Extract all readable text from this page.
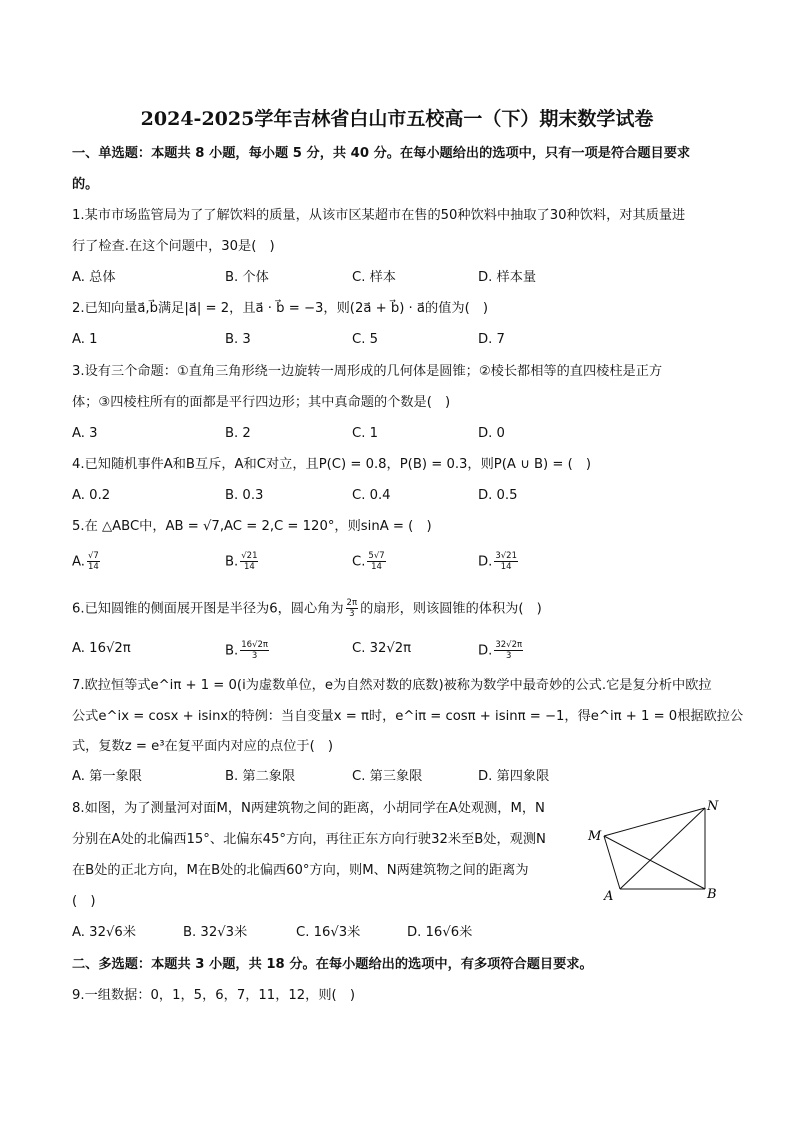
2024-2025学年吉林省白山市五校高一（下）期末数学试卷
一、单选题：本题共 8 小题，每小题 5 分，共 40 分。在每小题给出的选项中，只有一项是符合题目要求
的。
1.某市市场监管局为了了解饮料的质量，从该市区某超市在售的50种饮料中抽取了30种饮料，对其质量进
行了检查.在这个问题中，30是(　)
A. 总体	B. 个体	C. 样本	D. 样本量
2.已知向量a⃗,b⃗满足|a⃗| = 2，且a⃗ · b⃗ = −3，则(2a⃗ + b⃗) · a⃗的值为(　)
A. 1	B. 3	C. 5	D. 7
3.设有三个命题：①直角三角形绕一边旋转一周形成的几何体是圆锥；②棱长都相等的直四棱柱是正方
体；③四棱柱所有的面都是平行四边形；其中真命题的个数是(　)
A. 3	B. 2	C. 1	D. 0
4.已知随机事件A和B互斥，A和C对立，且P(C) = 0.8，P(B) = 0.3，则P(A ∪ B) = (　)
A. 0.2	B. 0.3	C. 0.4	D. 0.5
5.在 △ABC中，AB = √7,AC = 2,C = 120°，则sinA = (　)
A. $\frac{√7}{14}$	B. $\frac{√21}{14}$	C. $\frac{5√7}{14}$	D. $\frac{3√21}{14}$
6.已知圆锥的侧面展开图是半径为6，圆心角为 $\frac{2\pi}{3}$ 的扇形，则该圆锥的体积为(　)
A. 16√2π	B. $\frac{16√2\pi}{3}$	C. 32√2π	D. $\frac{32√2\pi}{3}$
7.欧拉恒等式e^iπ + 1 = 0(i为虚数单位，e为自然对数的底数)被称为数学中最奇妙的公式.它是复分析中欧拉
公式e^ix = cosx + isinx的特例：当自变量x = π时，e^iπ = cosπ + isinπ = −1，得e^iπ + 1 = 0根据欧拉公
式，复数z = e³在复平面内对应的点位于(　)
A. 第一象限	B. 第二象限	C. 第三象限	D. 第四象限
8.如图，为了测量河对面M，N两建筑物之间的距离，小胡同学在A处观测，M，N
分别在A处的北偏西15°、北偏东45°方向，再往正东方向行驶32米至B处，观测N
在B处的正北方向，M在B处的北偏西60°方向，则M、N两建筑物之间的距离为
(　)
M
N
A	B
A. 32√6米	B. 32√3米	C. 16√3米	D. 16√6米
二、多选题：本题共 3 小题，共 18 分。在每小题给出的选项中，有多项符合题目要求。
9.一组数据：0，1，5，6，7，11，12，则(　)
